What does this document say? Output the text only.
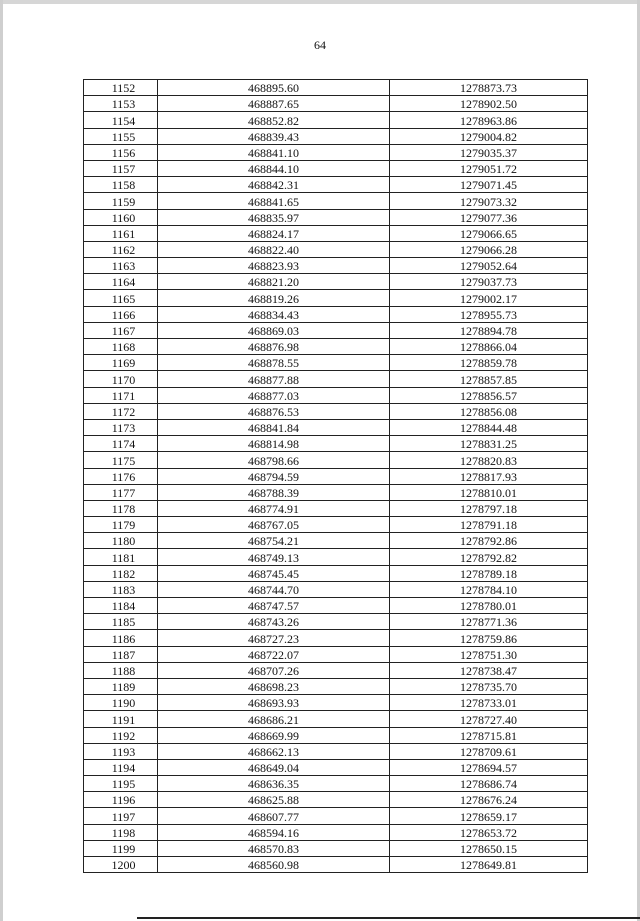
64
1152	468895.60	1278873.73
1153	468887.65	1278902.50
1154	468852.82	1278963.86
1155	468839.43	1279004.82
1156	468841.10	1279035.37
1157	468844.10	1279051.72
1158	468842.31	1279071.45
1159	468841.65	1279073.32
1160	468835.97	1279077.36
1161	468824.17	1279066.65
1162	468822.40	1279066.28
1163	468823.93	1279052.64
1164	468821.20	1279037.73
1165	468819.26	1279002.17
1166	468834.43	1278955.73
1167	468869.03	1278894.78
1168	468876.98	1278866.04
1169	468878.55	1278859.78
1170	468877.88	1278857.85
1171	468877.03	1278856.57
1172	468876.53	1278856.08
1173	468841.84	1278844.48
1174	468814.98	1278831.25
1175	468798.66	1278820.83
1176	468794.59	1278817.93
1177	468788.39	1278810.01
1178	468774.91	1278797.18
1179	468767.05	1278791.18
1180	468754.21	1278792.86
1181	468749.13	1278792.82
1182	468745.45	1278789.18
1183	468744.70	1278784.10
1184	468747.57	1278780.01
1185	468743.26	1278771.36
1186	468727.23	1278759.86
1187	468722.07	1278751.30
1188	468707.26	1278738.47
1189	468698.23	1278735.70
1190	468693.93	1278733.01
1191	468686.21	1278727.40
1192	468669.99	1278715.81
1193	468662.13	1278709.61
1194	468649.04	1278694.57
1195	468636.35	1278686.74
1196	468625.88	1278676.24
1197	468607.77	1278659.17
1198	468594.16	1278653.72
1199	468570.83	1278650.15
1200	468560.98	1278649.81
